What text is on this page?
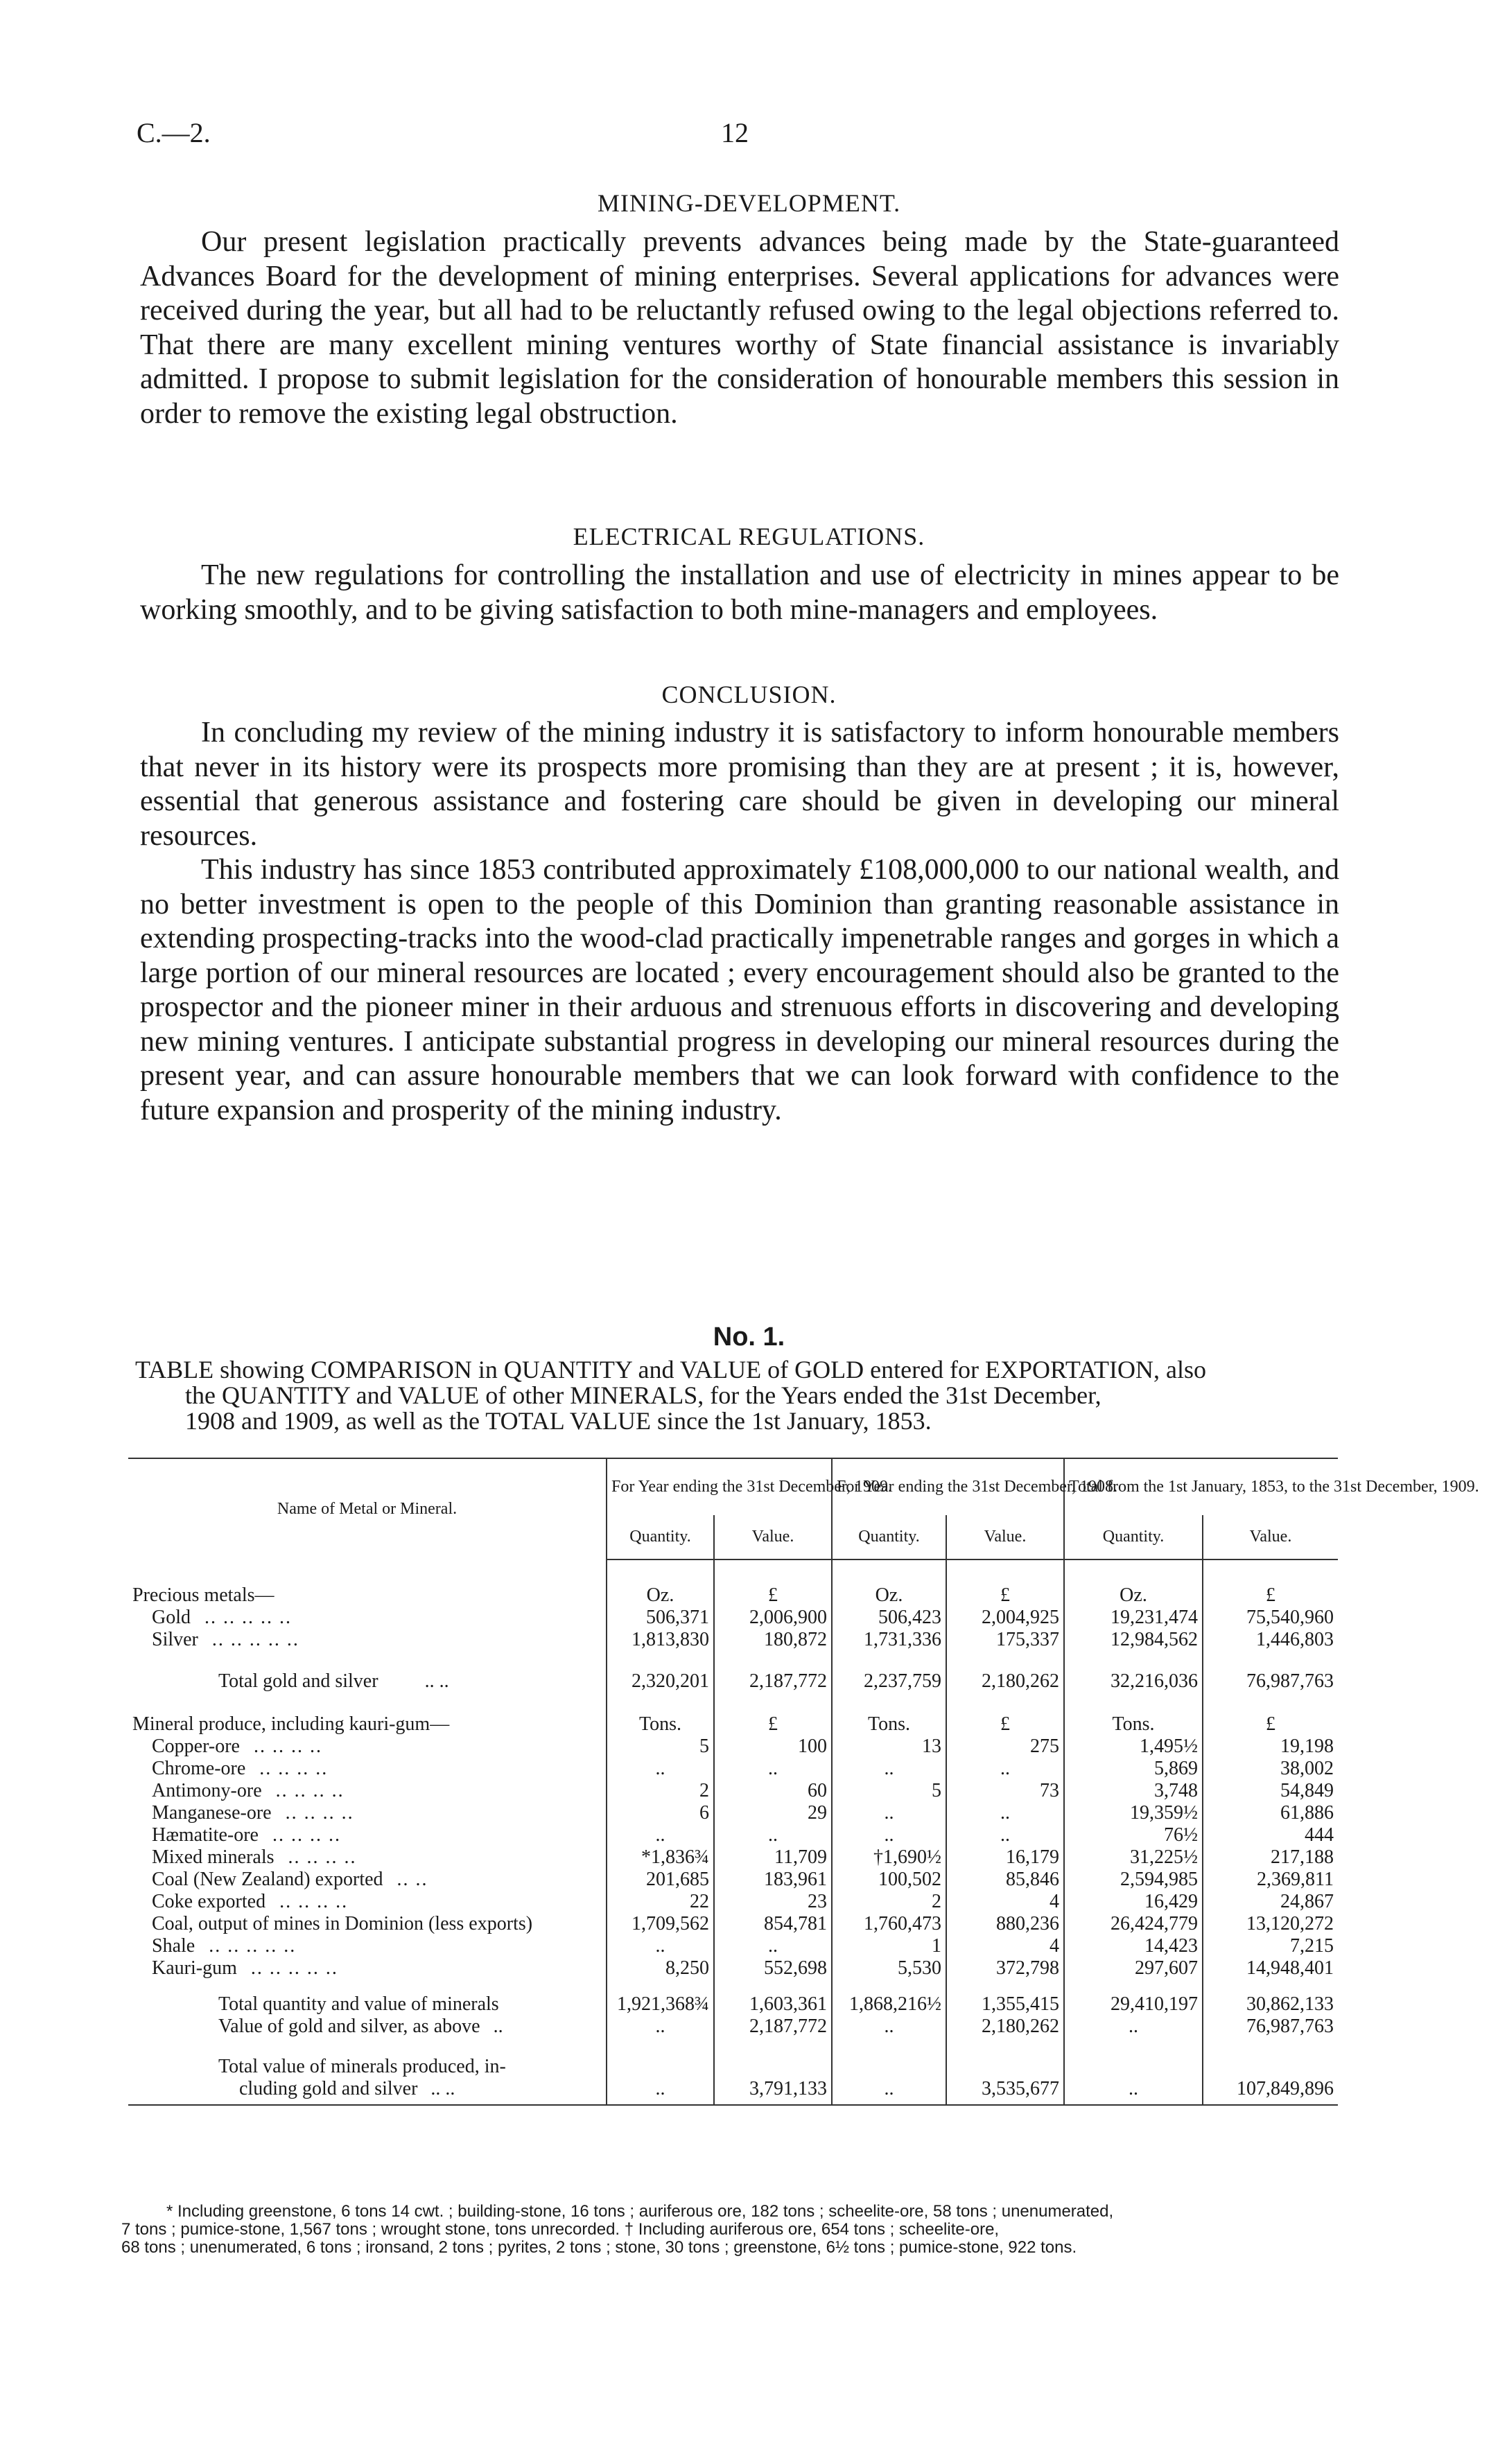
C.—2.	12
MINING-DEVELOPMENT.

Our present legislation practically prevents advances being made by the State-guaranteed Advances Board for the development of mining enterprises. Several applications for advances were received during the year, but all had to be reluctantly refused owing to the legal objections referred to. That there are many excellent mining ventures worthy of State financial assistance is invariably admitted. I propose to submit legislation for the consideration of honourable members this session in order to remove the existing legal obstruction.

ELECTRICAL REGULATIONS.

The new regulations for controlling the installation and use of electricity in mines appear to be working smoothly, and to be giving satisfaction to both mine-managers and employees.

CONCLUSION.

In concluding my review of the mining industry it is satisfactory to inform honourable members that never in its history were its prospects more promising than they are at present ; it is, however, essential that generous assistance and fostering care should be given in developing our mineral resources.

This industry has since 1853 contributed approximately £108,000,000 to our national wealth, and no better investment is open to the people of this Dominion than granting reasonable assistance in extending prospecting-tracks into the wood-clad practically impenetrable ranges and gorges in which a large portion of our mineral resources are located ; every encouragement should also be granted to the prospector and the pioneer miner in their arduous and strenuous efforts in discovering and developing new mining ventures. I anticipate substantial progress in developing our mineral resources during the present year, and can assure honourable members that we can look forward with confidence to the future expansion and prosperity of the mining industry.

No. 1.
TABLE showing COMPARISON in QUANTITY and VALUE of GOLD entered for EXPORTATION, also
the QUANTITY and VALUE of other MINERALS, for the Years ended the 31st December,
1908 and 1909, as well as the TOTAL VALUE since the 1st January, 1853.
Name of Metal or Mineral.	For Year ending the 31st December, 1909.		For Year ending the 31st December, 1908.		Total from the 1st January, 1853, to the 31st December, 1909.	
	Quantity.	Value.	Quantity.	Value.	Quantity.	Value.

Precious metals—	Oz.	£	Oz.	£	Oz.	£
Gold .. .. .. .. ..	506,371	2,006,900	506,423	2,004,925	19,231,474	75,540,960
Silver .. .. .. .. ..	1,813,830	180,872	1,731,336	175,337	12,984,562	1,446,803

Total gold and silver .. ..	2,320,201	2,187,772	2,237,759	2,180,262	32,216,036	76,987,763

Mineral produce, including kauri-gum—	Tons.	£	Tons.	£	Tons.	£
Copper-ore .. .. .. ..	5	100	13	275	1,495½	19,198
Chrome-ore .. .. .. ..	..	..	..	..	5,869	38,002
Antimony-ore .. .. .. ..	2	60	5	73	3,748	54,849
Manganese-ore .. .. .. ..	6	29	..	..	19,359½	61,886
Hæmatite-ore .. .. .. ..	..	..	..	..	76½	444
Mixed minerals .. .. .. ..	*1,836¾	11,709	†1,690½	16,179	31,225½	217,188
Coal (New Zealand) exported .. ..	201,685	183,961	100,502	85,846	2,594,985	2,369,811
Coke exported .. .. .. ..	22	23	2	4	16,429	24,867
Coal, output of mines in Dominion (less exports)	1,709,562	854,781	1,760,473	880,236	26,424,779	13,120,272
Shale .. .. .. .. ..	..	..	1	4	14,423	7,215
Kauri-gum .. .. .. .. ..	8,250	552,698	5,530	372,798	297,607	14,948,401

Total quantity and value of minerals	1,921,368¾	1,603,361	1,868,216½	1,355,415	29,410,197	30,862,133
Value of gold and silver, as above ..	..	2,187,772	..	2,180,262	..	76,987,763

Total value of minerals produced, in-
cluding gold and silver .. ..	..	3,791,133	..	3,535,677	..	107,849,896

* Including greenstone, 6 tons 14 cwt. ; building-stone, 16 tons ; auriferous ore, 182 tons ; scheelite-ore, 58 tons ; unenumerated,

7 tons ; pumice-stone, 1,567 tons ; wrought stone, tons unrecorded. † Including auriferous ore, 654 tons ; scheelite-ore,

68 tons ; unenumerated, 6 tons ; ironsand, 2 tons ; pyrites, 2 tons ; stone, 30 tons ; greenstone, 6½ tons ; pumice-stone, 922 tons.
